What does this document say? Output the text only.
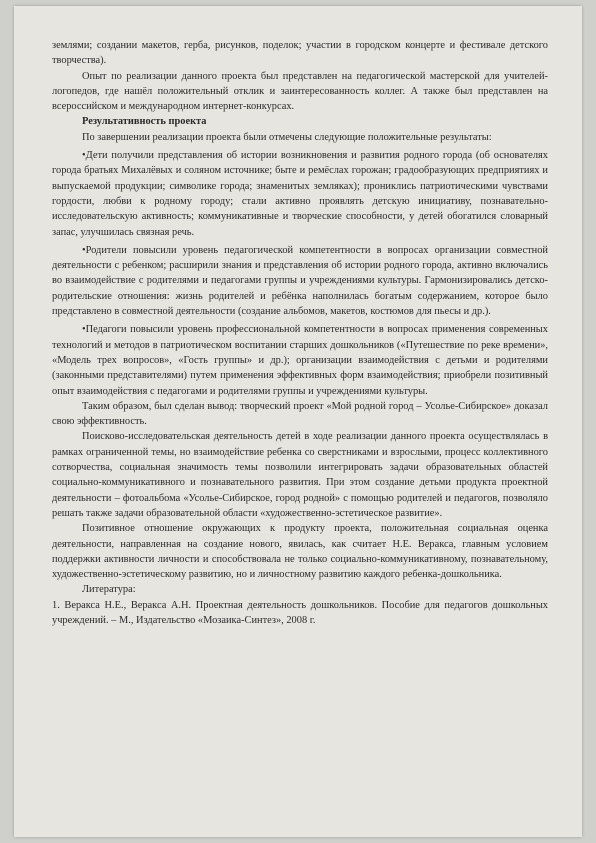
землями; создании макетов, герба, рисунков, поделок; участии в городском концерте и фестивале детского творчества).

Опыт по реализации данного проекта был представлен на педагогической мастерской для учителей-логопедов, где нашёл положительный отклик и заинтересованность коллег. А также был представлен на всероссийском и международном интернет-конкурсах.

Результативность проекта

По завершении реализации проекта были отмечены следующие положительные результаты:

• Дети получили представления об истории возникновения и развития родного города (об основателях города братьях Михалёвых и соляном источнике; быте и ремёслах горожан; градообразующих предприятиях и выпускаемой продукции; символике города; знаменитых земляках); прониклись патриотическими чувствами гордости, любви к родному городу; стали активно проявлять детскую инициативу, познавательно-исследовательскую активность; коммуникативные и творческие способности, у детей обогатился словарный запас, улучшилась связная речь.

• Родители повысили уровень педагогической компетентности в вопросах организации совместной деятельности с ребенком; расширили знания и представления об истории родного города, активно включались во взаимодействие с родителями и педагогами группы и учреждениями культуры. Гармонизировались детско-родительские отношения: жизнь родителей и ребёнка наполнилась богатым содержанием, которое было представлено в совместной деятельности (создание альбомов, макетов, костюмов для пьесы и др.).

• Педагоги повысили уровень профессиональной компетентности в вопросах применения современных технологий и методов в патриотическом воспитании старших дошкольников («Путешествие по реке времени», «Модель трех вопросов», «Гость группы» и др.); организации взаимодействия с детьми и родителями (законными представителями) путем применения эффективных форм взаимодействия; приобрели позитивный опыт взаимодействия с педагогами и родителями группы и учреждениями культуры.

Таким образом, был сделан вывод: творческий проект «Мой родной город – Усолье-Сибирское» доказал свою эффективность.

Поисково-исследовательская деятельность детей в ходе реализации данного проекта осуществлялась в рамках ограниченной темы, но взаимодействие ребенка со сверстниками и взрослыми, процесс коллективного сотворчества, социальная значимость темы позволили интегрировать задачи образовательных областей социально-коммуникативного и познавательного развития. При этом создание детьми продукта проектной деятельности – фотоальбома «Усолье-Сибирское, город родной» с помощью родителей и педагогов, позволяло решать также задачи образовательной области «художественно-эстетическое развитие».

Позитивное отношение окружающих к продукту проекта, положительная социальная оценка деятельности, направленная на создание нового, явилась, как считает Н.Е. Веракса, главным условием поддержки активности личности и способствовала не только социально-коммуникативному, познавательному, художественно-эстетическому развитию, но и личностному развитию каждого ребенка-дошкольника.

Литература:

1. Веракса Н.Е., Веракса А.Н. Проектная деятельность дошкольников. Пособие для педагогов дошкольных учреждений. – М., Издательство «Мозаика-Синтез», 2008 г.
